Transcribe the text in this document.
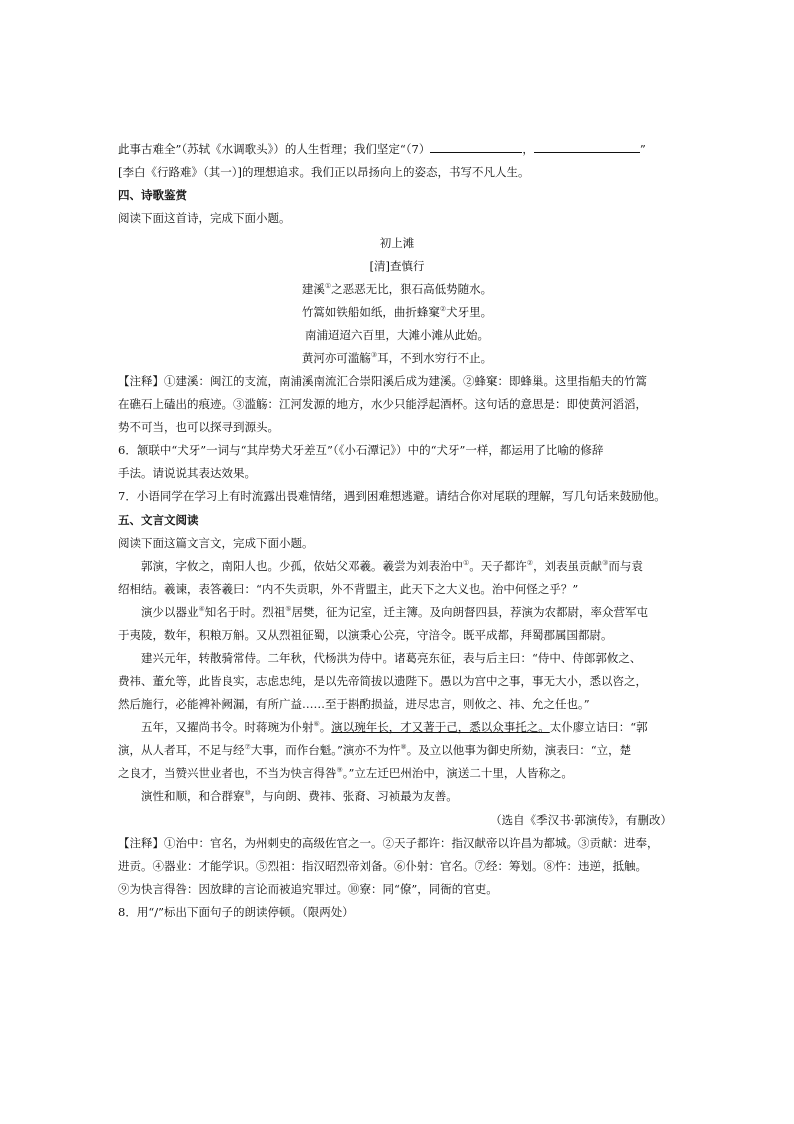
此事古难全”（苏轼《水调歌头》）的人生哲理；我们坚定“（7）	，	”
[李白《行路难》（其一）]的理想追求。我们正以昂扬向上的姿态，书写不凡人生。
四、诗歌鉴赏
阅读下面这首诗，完成下面小题。
初上滩
[清]查慎行
建溪①之恶恶无比，狠石高低势随水。
竹篙如铁船如纸，曲折蜂窠②犬牙里。
南浦迢迢六百里，大滩小滩从此始。
黄河亦可滥觞③耳，不到水穷行不止。
【注释】①建溪：闽江的支流，南浦溪南流汇合崇阳溪后成为建溪。②蜂窠：即蜂巢。这里指船夫的竹篙
在礁石上磕出的痕迹。③滥觞：江河发源的地方，水少只能浮起酒杯。这句话的意思是：即使黄河滔滔，
势不可当，也可以探寻到源头。
6．颔联中“犬牙”一词与“其岸势犬牙差互”（《小石潭记》）中的“犬牙”一样，都运用了比喻的修辞
手法。请说说其表达效果。
7．小语同学在学习上有时流露出畏难情绪，遇到困难想逃避。请结合你对尾联的理解，写几句话来鼓励他。
五、文言文阅读
阅读下面这篇文言文，完成下面小题。
郭演，字攸之，南阳人也。少孤，依姑父邓羲。羲尝为刘表治中①。天子都许②，刘表虽贡献③而与袁
绍相结。羲谏，表答羲曰：“内不失贡职，外不背盟主，此天下之大义也。治中何怪之乎？”
演少以器业④知名于时。烈祖⑤居樊，征为记室，迁主簿。及向朗督四县，荐演为农都尉，率众营军屯
于夷陵，数年，积粮万斛。又从烈祖征蜀，以演秉心公亮，守涪令。既平成都，拜蜀郡属国都尉。
建兴元年，转散骑常侍。二年秋，代杨洪为侍中。诸葛亮东征，表与后主曰：“侍中、侍郎郭攸之、
费祎、董允等，此皆良实，志虑忠纯，是以先帝简拔以遗陛下。愚以为宫中之事，事无大小，悉以咨之，
然后施行，必能裨补阙漏，有所广益……至于斟酌损益，进尽忠言，则攸之、祎、允之任也。”
五年，又擢尚书令。时蒋琬为仆射⑥。演以琬年长，才又著于己，悉以众事托之。太仆廖立诘曰：“郭
演，从人者耳，不足与经⑦大事，而作台魁。”演亦不为忤⑧。及立以他事为御史所劾，演表曰：“立，楚
之良才，当赞兴世业者也，不当为快言得咎⑨。”立左迁巴州治中，演送二十里，人皆称之。
演性和顺，和合群寮⑩，与向朗、费祎、张裔、习祯最为友善。
（选自《季汉书·郭演传》，有删改）
【注释】①治中：官名，为州刺史的高级佐官之一。②天子都许：指汉献帝以许昌为都城。③贡献：进奉，
进贡。④器业：才能学识。⑤烈祖：指汉昭烈帝刘备。⑥仆射：官名。⑦经：筹划。⑧忤：违逆，抵触。
⑨为快言得咎：因放肆的言论而被追究罪过。⑩寮：同“僚”，同衙的官吏。
8．用“/”标出下面句子的朗读停顿。（限两处）
